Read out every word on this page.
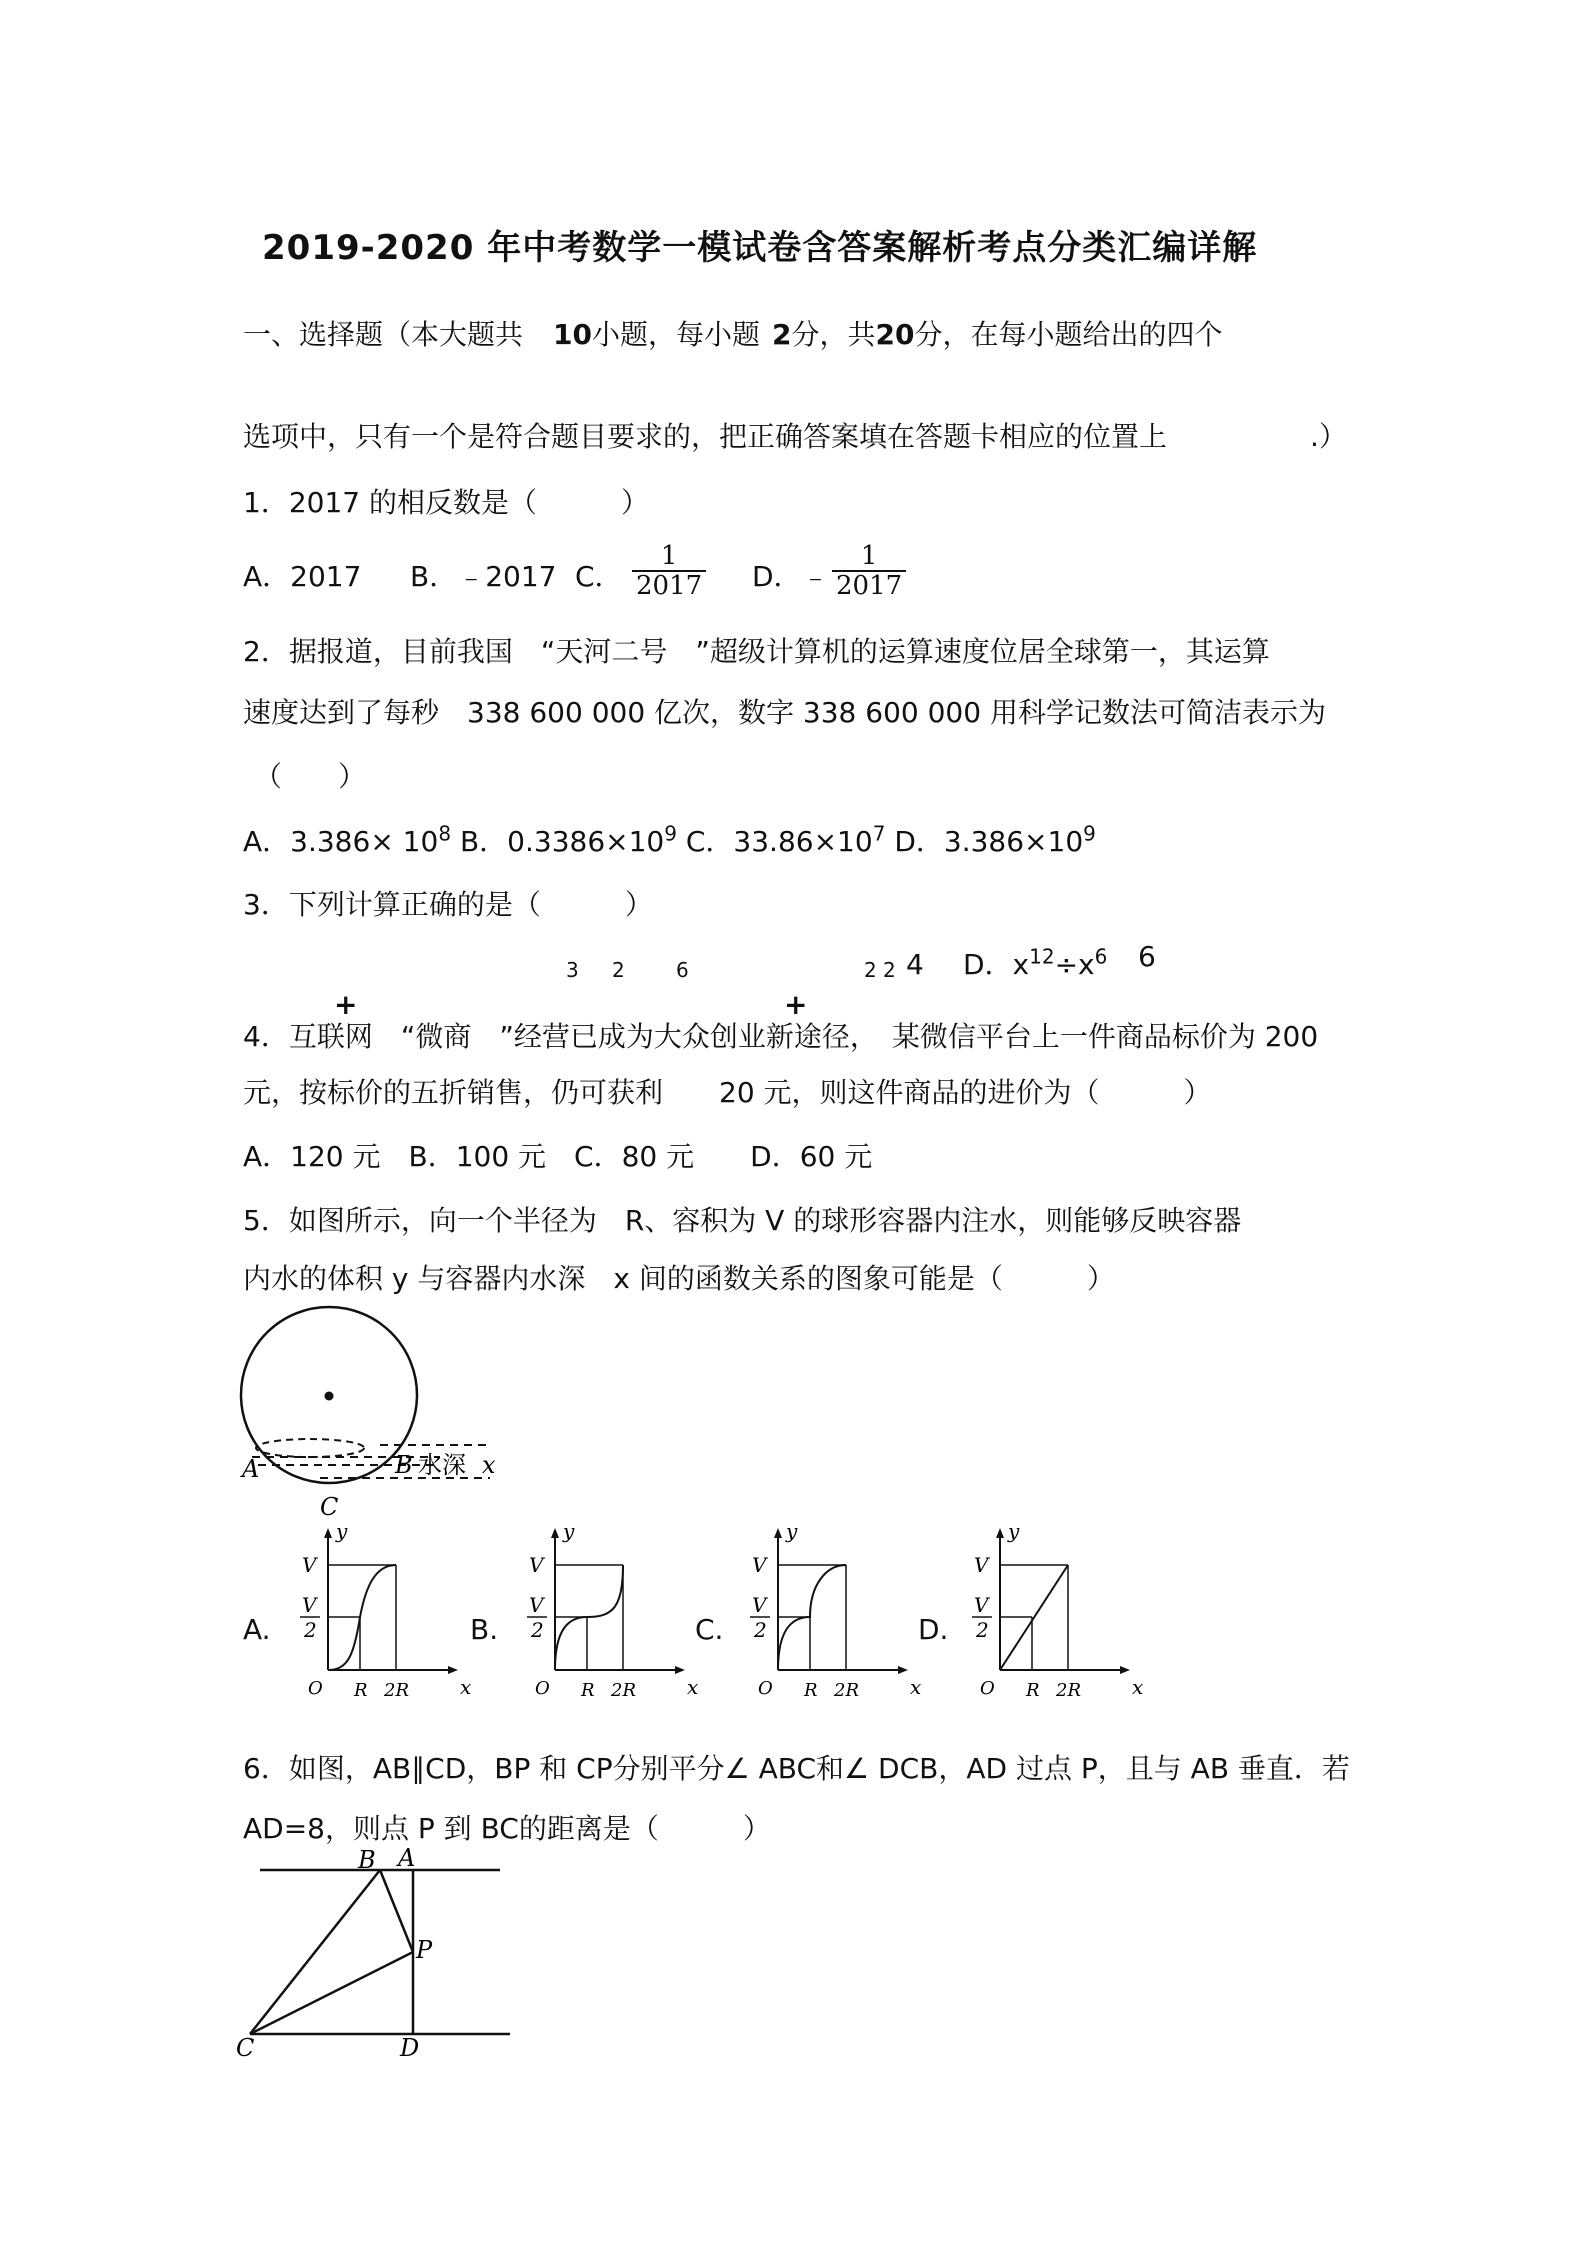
2019-2020 年中考数学一模试卷含答案解析考点分类汇编详解
一、选择题（本大题共 10小题，每小题 2分，共20分，在每小题给出的四个
选项中，只有一个是符合题目要求的，把正确答案填在答题卡相应的位置上	.）
1．2017 的相反数是（　　　）
A．2017 B．﹣2017 C． $\frac{1}{2017}$ D．﹣ $\frac{1}{2017}$
2．据报道，目前我国　“天河二号　”超级计算机的运算速度位居全球第一，其运算
速度达到了每秒　338 600 000 亿次，数字 338 600 000 用科学记数法可简洁表示为
（　　）
A．$3.386\times 10^8$ B．$0.3386\times 10^9$ C．$33.86\times 10^7$ D．$3.386\times 10^9$
3．下列计算正确的是（　　　）
3 2	6	2 2 4 D．$x^{12}\div x^6$ 6
+	+
4．互联网　“微商　”经营已成为大众创业新途径，　某微信平台上一件商品标价为 200
元，按标价的五折销售，仍可获利　　20 元，则这件商品的进价为（　　　）
A．120 元　B．100 元　C．80 元　　D．60 元
5．如图所示，向一个半径为　R、容积为 V 的球形容器内注水，则能够反映容器
内水的体积 y 与容器内水深　x 间的函数关系的图象可能是（　　　）
A	B 水深 x
C
A.	B.	C.	D.
y
V
V
2
O R 2R	x
y
V
V
2
O R 2R	x
y
V
V
2
O R 2R	x
y
V
V
2
O R 2R	x
6．如图，AB∥CD，BP 和 CP分别平分∠ ABC和∠ DCB，AD 过点 P，且与 AB 垂直．若
AD=8，则点 P 到 BC的距离是（　　　）
B A
P
C	D
